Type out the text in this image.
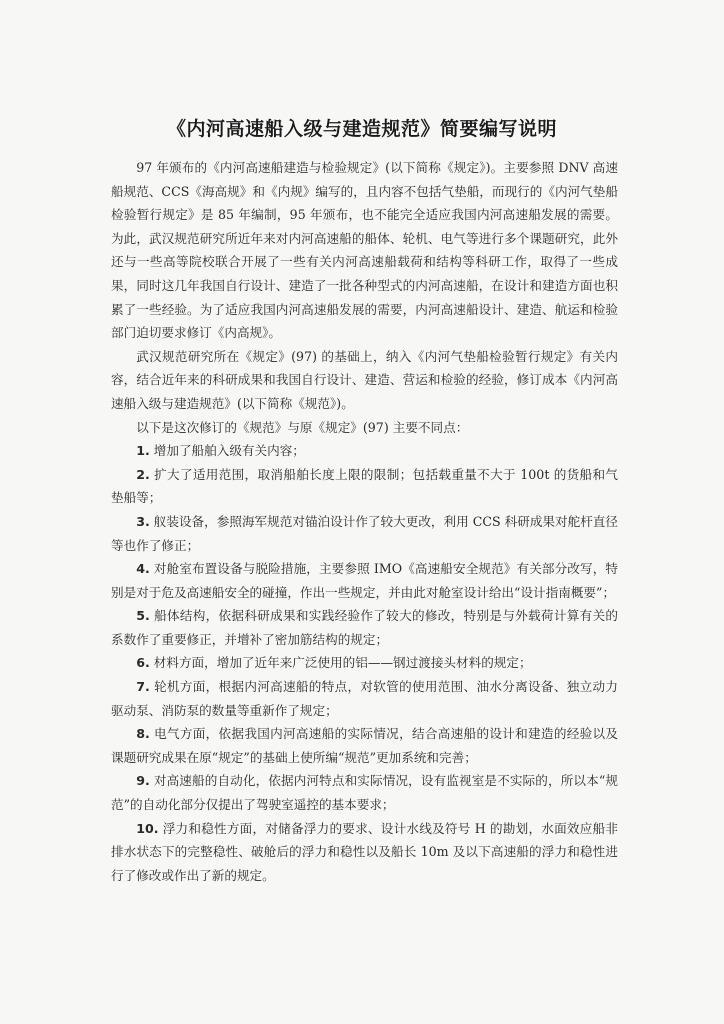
《内河高速船入级与建造规范》简要编写说明

97 年颁布的《内河高速船建造与检验规定》(以下简称《规定》)。主要参照 DNV 高速船规范、CCS《海高规》和《内规》编写的，且内容不包括气垫船，而现行的《内河气垫船检验暂行规定》是 85 年编制，95 年颁布，也不能完全适应我国内河高速船发展的需要。为此，武汉规范研究所近年来对内河高速船的船体、轮机、电气等进行多个课题研究，此外还与一些高等院校联合开展了一些有关内河高速船载荷和结构等科研工作，取得了一些成果，同时这几年我国自行设计、建造了一批各种型式的内河高速船，在设计和建造方面也积累了一些经验。为了适应我国内河高速船发展的需要，内河高速船设计、建造、航运和检验部门迫切要求修订《内高规》。

武汉规范研究所在《规定》(97) 的基础上，纳入《内河气垫船检验暂行规定》有关内容，结合近年来的科研成果和我国自行设计、建造、营运和检验的经验，修订成本《内河高速船入级与建造规范》(以下简称《规范》)。

以下是这次修订的《规范》与原《规定》(97) 主要不同点：

1. 增加了船舶入级有关内容；

2. 扩大了适用范围，取消船舶长度上限的限制；包括载重量不大于 100t 的货船和气垫船等；

3. 舣装设备，参照海军规范对锚泊设计作了较大更改，利用 CCS 科研成果对舵杆直径等也作了修正；

4. 对舱室布置设备与脱险措施，主要参照 IMO《高速船安全规范》有关部分改写，特别是对于危及高速船安全的碰撞，作出一些规定，并由此对舱室设计给出“设计指南概要”；

5. 船体结构，依据科研成果和实践经验作了较大的修改，特别是与外载荷计算有关的系数作了重要修正，并增补了密加筋结构的规定；

6. 材料方面，增加了近年来广泛使用的铝——钢过渡接头材料的规定；

7. 轮机方面，根据内河高速船的特点，对软管的使用范围、油水分离设备、独立动力驱动泵、消防泵的数量等重新作了规定；

8. 电气方面，依据我国内河高速船的实际情况，结合高速船的设计和建造的经验以及课题研究成果在原“规定”的基础上使所编“规范”更加系统和完善；

9. 对高速船的自动化，依据内河特点和实际情况，设有监视室是不实际的，所以本“规范”的自动化部分仅提出了驾驶室遥控的基本要求；

10. 浮力和稳性方面，对储备浮力的要求、设计水线及符号 H 的勘划，水面效应船非排水状态下的完整稳性、破舱后的浮力和稳性以及船长 10m 及以下高速船的浮力和稳性进行了修改或作出了新的规定。
